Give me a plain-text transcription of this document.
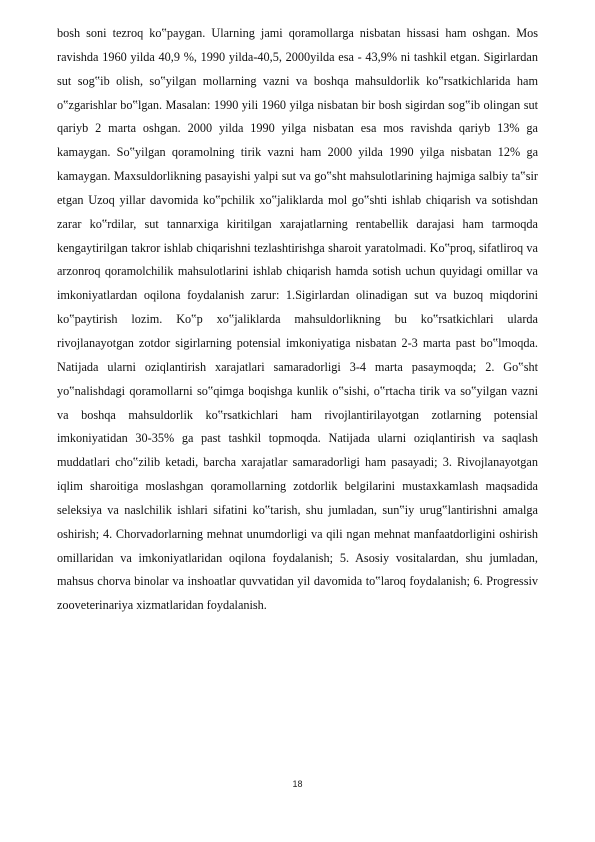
bosh soni tezroq ko‟paygan. Ularning jami qoramollarga nisbatan hissasi ham oshgan. Mos ravishda 1960 yilda 40,9 %, 1990 yilda-40,5, 2000yilda esa - 43,9% ni tashkil etgan. Sigirlardan sut sog‟ib olish, so‟yilgan mollarning vazni va boshqa mahsuldorlik ko‟rsatkichlarida ham o‟zgarishlar bo‟lgan. Masalan: 1990 yili 1960 yilga nisbatan bir bosh sigirdan sog‟ib olingan sut qariyb 2 marta oshgan. 2000 yilda 1990 yilga nisbatan esa mos ravishda qariyb 13% ga kamaygan. So‟yilgan qoramolning tirik vazni ham 2000 yilda 1990 yilga nisbatan 12% ga kamaygan. Maxsuldorlikning pasayishi yalpi sut va go‟sht mahsulotlarining hajmiga salbiy ta‟sir etgan Uzoq yillar davomida ko‟pchilik xo‟jaliklarda mol go‟shti ishlab chiqarish va sotishdan zarar ko‟rdilar, sut tannarxiga kiritilgan xarajatlarning rentabellik darajasi ham tarmoqda kengaytirilgan takror ishlab chiqarishni tezlashtirishga sharoit yaratolmadi. Ko‟proq, sifatliroq va arzonroq qoramolchilik mahsulotlarini ishlab chiqarish hamda sotish uchun quyidagi omillar va imkoniyatlardan oqilona foydalanish zarur: 1.Sigirlardan olinadigan sut va buzoq miqdorini ko‟paytirish lozim. Ko‟p xo‟jaliklarda mahsuldorlikning bu ko‟rsatkichlari ularda rivojlanayotgan zotdor sigirlarning potensial imkoniyatiga nisbatan 2-3 marta past bo‟lmoqda. Natijada ularni oziqlantirish xarajatlari samaradorligi 3-4 marta pasaymoqda; 2. Go‟sht yo‟nalishdagi qoramollarni so‟qimga boqishga kunlik o‟sishi, o‟rtacha tirik va so‟yilgan vazni va boshqa mahsuldorlik ko‟rsatkichlari ham rivojlantirilayotgan zotlarning potensial imkoniyatidan 30-35% ga past tashkil topmoqda. Natijada ularni oziqlantirish va saqlash muddatlari cho‟zilib ketadi, barcha xarajatlar samaradorligi ham pasayadi; 3. Rivojlanayotgan iqlim sharoitiga moslashgan qoramollarning zotdorlik belgilarini mustaxkamlash maqsadida seleksiya va naslchilik ishlari sifatini ko‟tarish, shu jumladan, sun‟iy urug‟lantirishni amalga oshirish; 4. Chorvadorlarning mehnat unumdorligi va qili ngan mehnat manfaatdorligini oshirish omillaridan va imkoniyatlaridan oqilona foydalanish; 5. Asosiy vositalardan, shu jumladan, mahsus chorva binolar va inshoatlar quvvatidan yil davomida to‟laroq foydalanish; 6. Progressiv zooveterinariya xizmatlaridan foydalanish.

18
